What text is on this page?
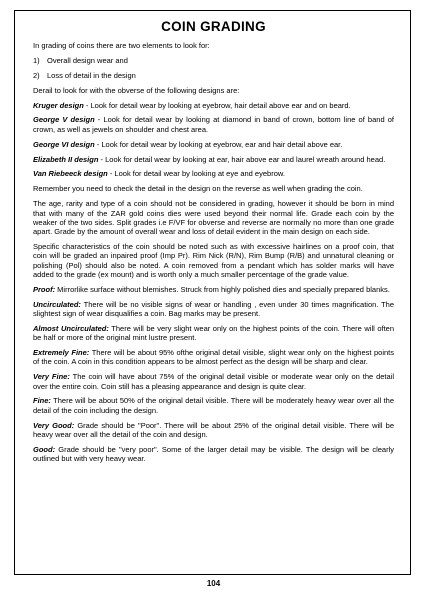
COIN GRADING

In grading of coins there are two elements to look for:

1) Overall design wear and

2) Loss of detail in the design

Derail to look for with the obverse of the following designs are:

Kruger design - Look for detail wear by looking at eyebrow, hair detail above ear and on beard.

George V design - Look for detail wear by looking at diamond in band of crown, bottom line of band of crown, as well as jewels on shoulder and chest area.

George VI design - Look for detail wear by looking at eyebrow, ear and hair detail above ear.

Elizabeth II design - Look for detail wear by looking at ear, hair above ear and laurel wreath around head.

Van Riebeeck design - Look for detail wear by looking at eye and eyebrow.

Remember you need to check the detail in the design on the reverse as well when grading the coin.

The age, rarity and type of a coin should not be considered in grading, however it should be born in mind that with many of the ZAR gold coins dies were used beyond their normal life. Grade each coin by the weaker of the two sides. Split grades i.e F/VF for obverse and reverse are normally no more than one grade apart. Grade by the amount of overall wear and loss of detail evident in the main design on each side.

Specific characteristics of the coin should be noted such as with excessive hairlines on a proof coin, that coin will be graded an inpaired proof (Imp Pr). Rim Nick (R/N), Rim Bump (R/B) and unnatural cleaning or polishing (Pol) should also be noted. A coin removed from a pendant which has solder marks will have added to the grade (ex mount) and is worth only a much smaller percentage of the grade value.

Proof: Mirrorlike surface without blemishes. Struck from highly polished dies and specially prepared blanks.

Uncirculated: There will be no visible signs of wear or handling , even under 30 times magnification. The slightest sign of wear disqualifies a coin. Bag marks may be present.

Almost Uncirculated: There will be very slight wear only on the highest points of the coin. There will often be half or more of the original mint lustre present.

Extremely Fine: There will be about 95% ofthe original detail visible, slight wear only on the highest points of the coin. A coin in this condition appears to be almost perfect as the design will be sharp and clear.

Very Fine: The coin will have about 75% of the original detail visible or moderate wear only on the detail over the entire coin. Coin still has a pleasing appearance and design is quite clear.

Fine: There will be about 50% of the original detail visible. There will be moderately heavy wear over all the detail of the coin including the design.

Very Good: Grade should be "Poor". There will be about 25% of the original detail visible. There will be heavy wear over all the detail of the coin and design.

Good: Grade should be "very poor". Some of the larger detail may be visible. The design will be clearly outlined but with very heavy wear.

104
